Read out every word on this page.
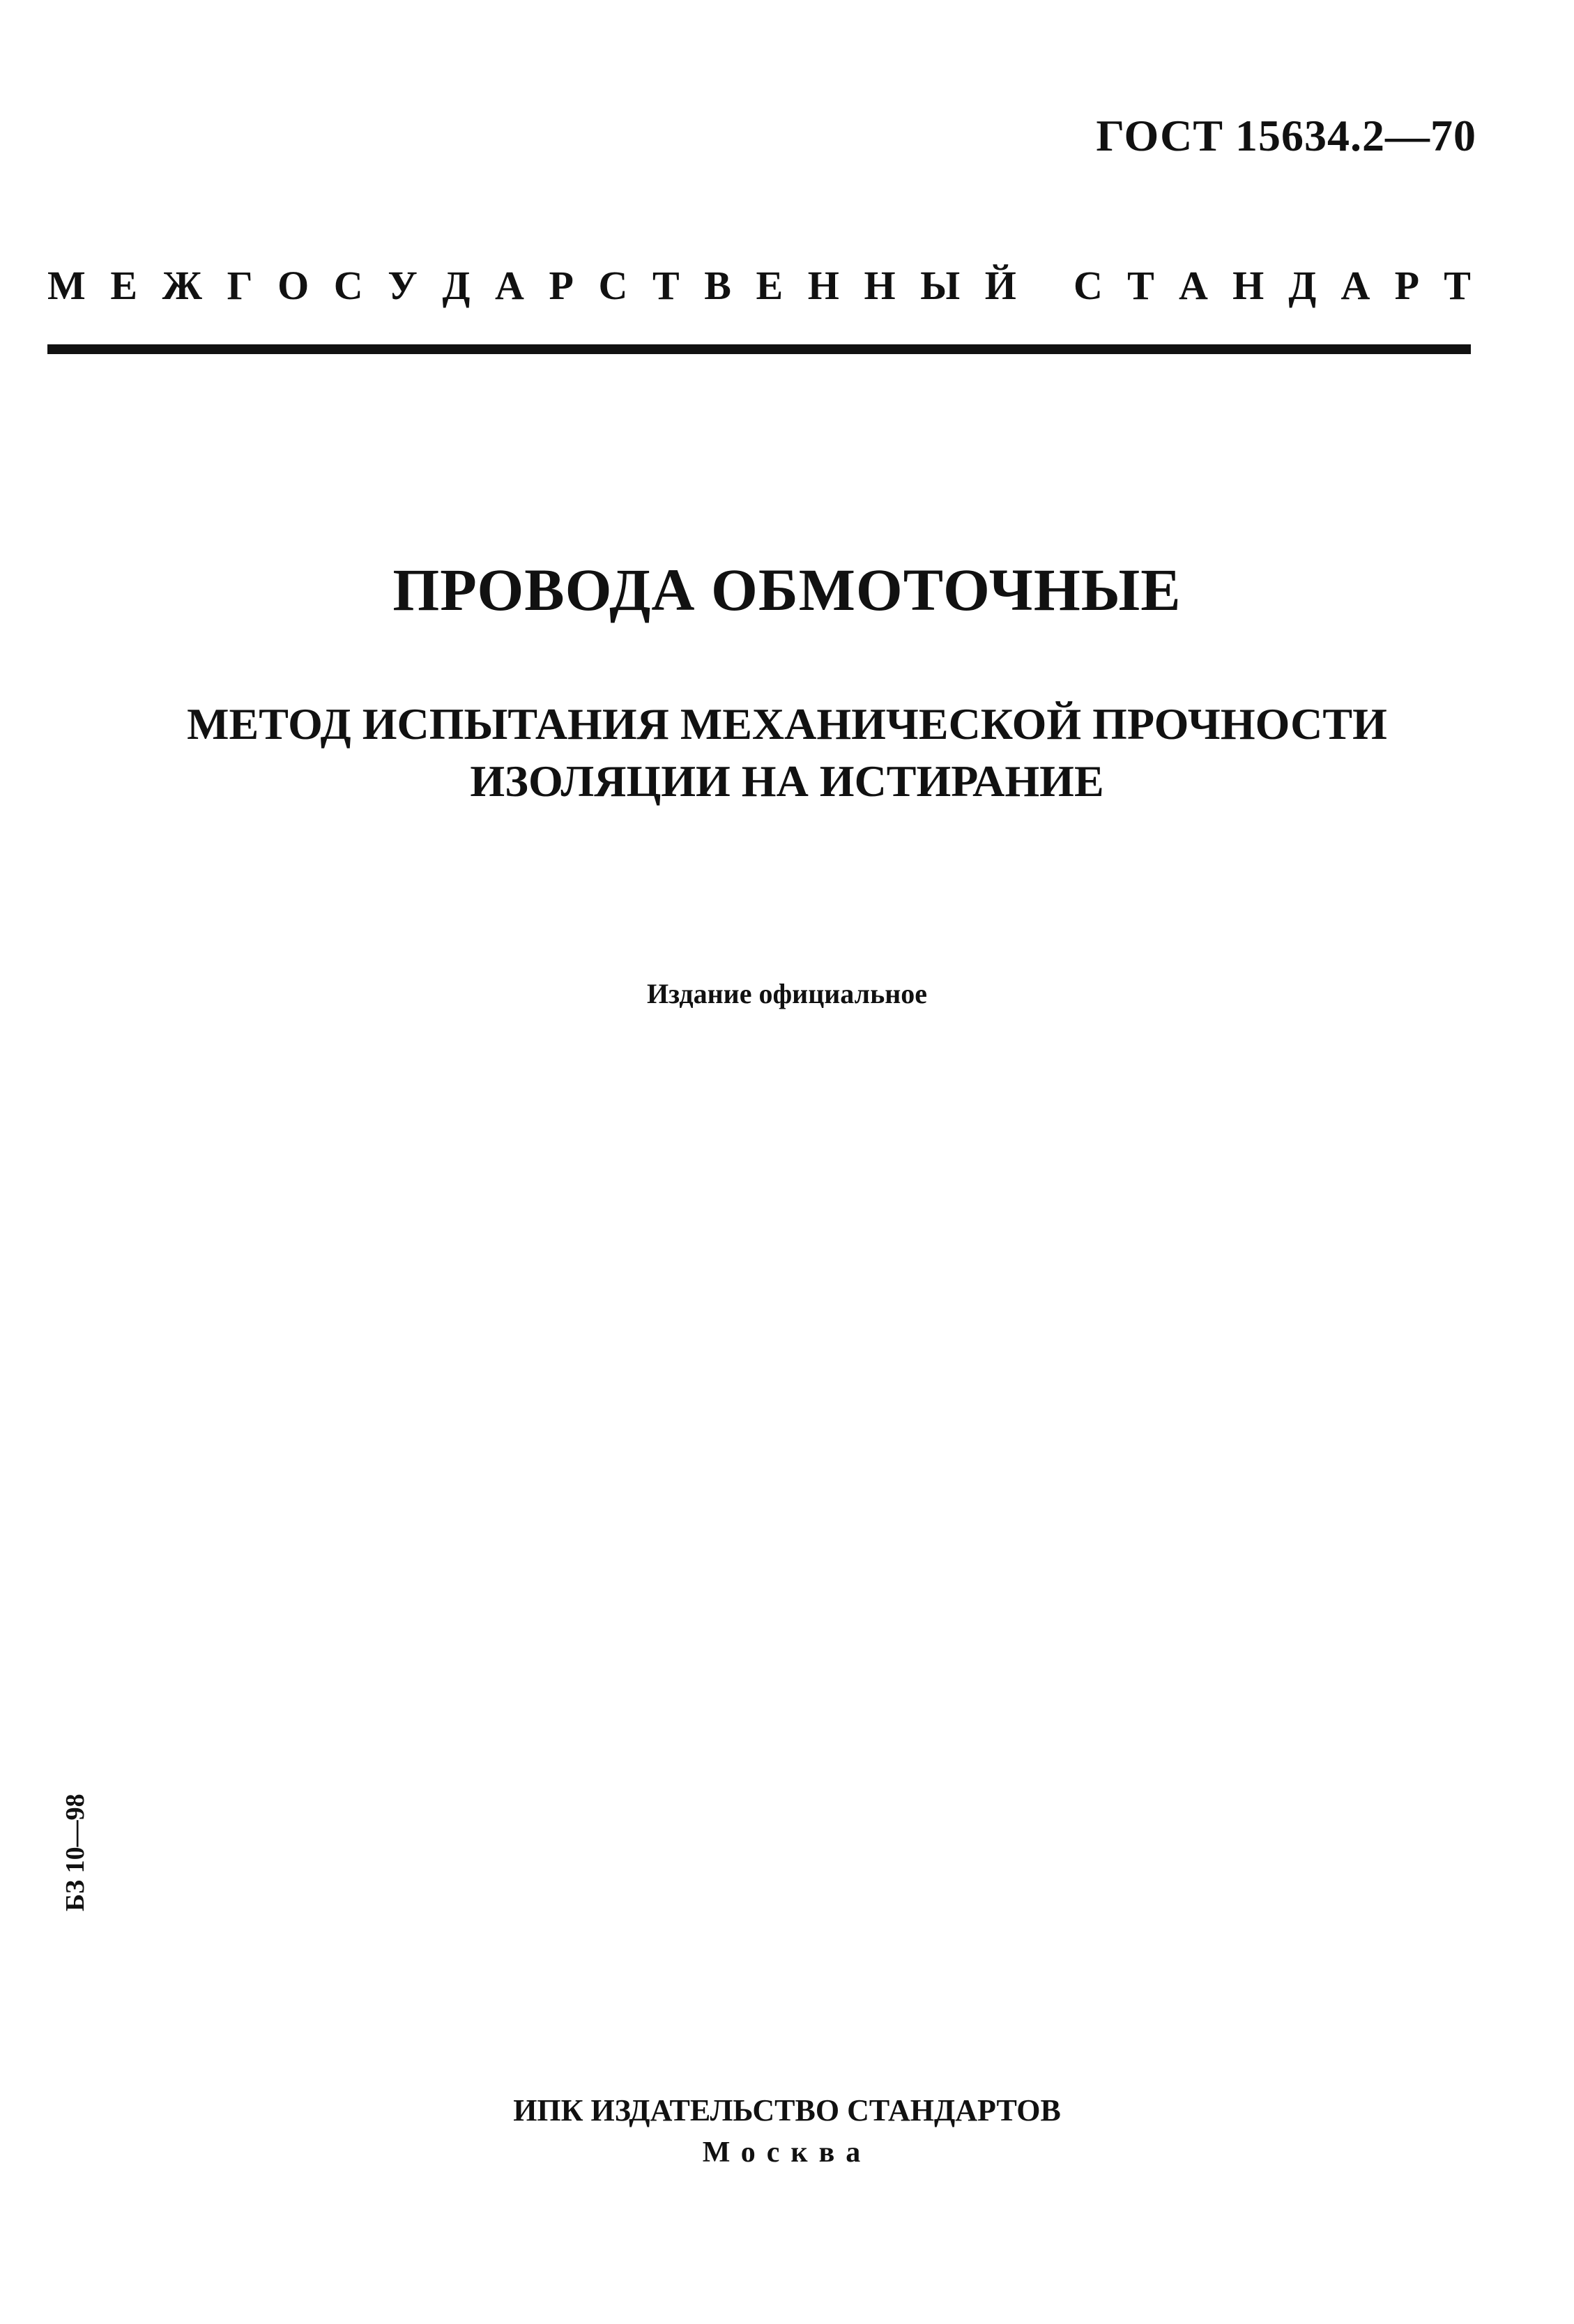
ГОСТ 15634.2—70
М Е Ж Г О С У Д А Р С Т В Е Н Н Ы Й С Т А Н Д А Р Т
ПРОВОДА ОБМОТОЧНЫЕ
МЕТОД ИСПЫТАНИЯ МЕХАНИЧЕСКОЙ ПРОЧНОСТИ
ИЗОЛЯЦИИ НА ИСТИРАНИЕ
Издание официальное
БЗ 10—98
ИПК ИЗДАТЕЛЬСТВО СТАНДАРТОВ
Москва
